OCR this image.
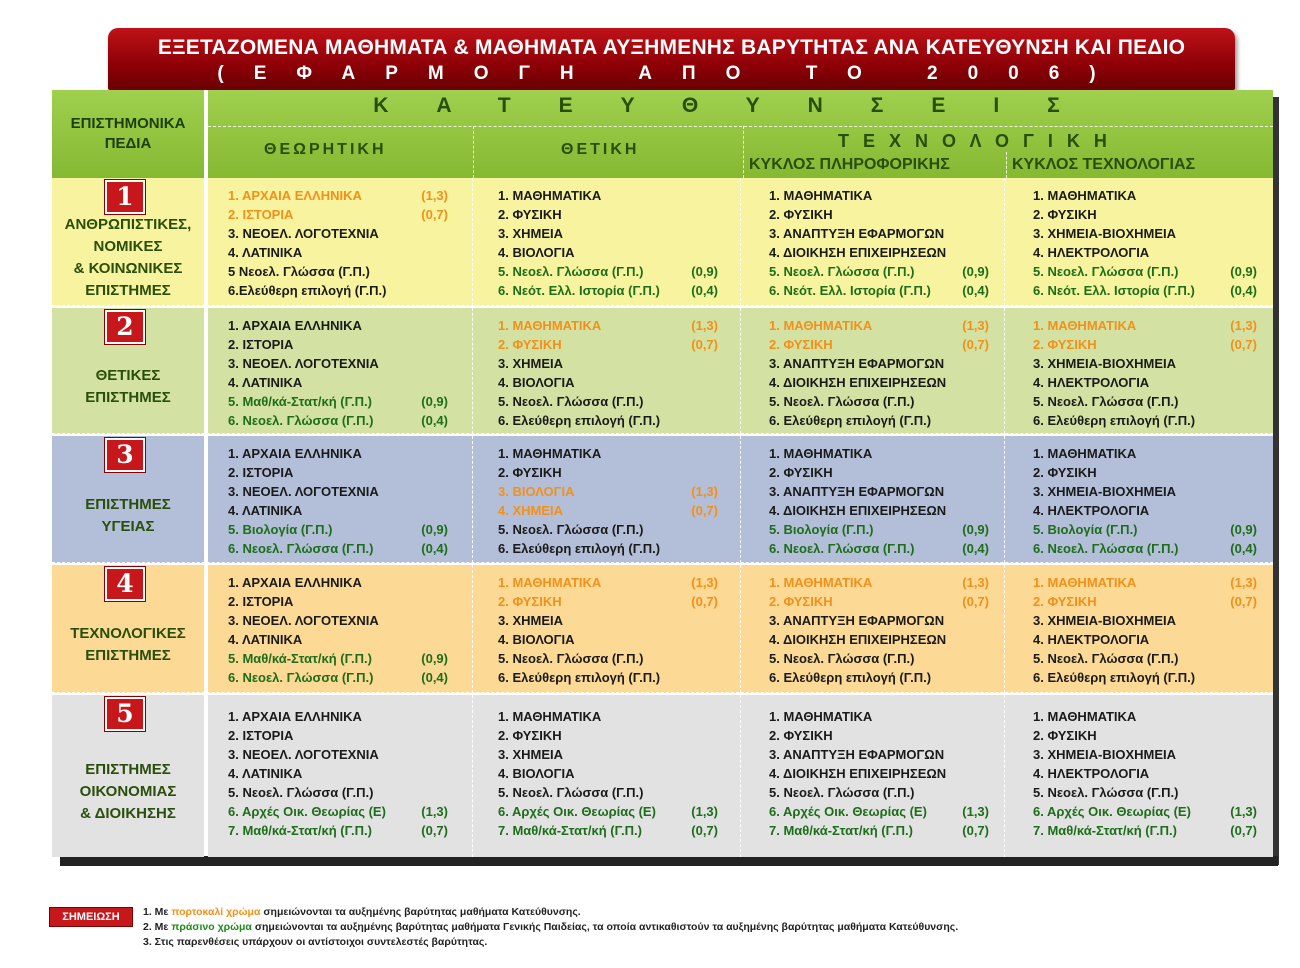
ΕΞΕΤΑΖΟΜΕΝΑ ΜΑΘΗΜΑΤΑ & ΜΑΘΗΜΑΤΑ ΑΥΞΗΜΕΝΗΣ ΒΑΡΥΤΗΤΑΣ ΑΝΑ ΚΑΤΕΥΘΥΝΣΗ ΚΑΙ ΠΕΔΙΟ
(ΕΦΑΡΜΟΓΗ ΑΠΟ ΤΟ 2006)
ΕΠΙΣΤΗΜΟΝΙΚΑ ΠΕΔΙΑ
ΚΑΤΕΥΘΥΝΣΕΙΣ
ΘΕΩΡΗΤΙΚΗ	ΘΕΤΙΚΗ	ΤΕΧΝΟΛΟΓΙΚΗ
ΚΥΚΛΟΣ ΠΛΗΡΟΦΟΡΙΚΗΣ	ΚΥΚΛΟΣ ΤΕΧΝΟΛΟΓΙΑΣ
1
ΑΝΘΡΩΠΙΣΤΙΚΕΣ,
ΝΟΜΙΚΕΣ
& ΚΟΙΝΩΝΙΚΕΣ
ΕΠΙΣΤΗΜΕΣ
1. ΑΡΧΑΙΑ ΕΛΛΗΝΙΚΑ	(1,3)
2. ΙΣΤΟΡΙΑ	(0,7)
3. ΝΕΟΕΛ. ΛΟΓΟΤΕΧΝΙΑ
4. ΛΑΤΙΝΙΚΑ
5 Νεοελ. Γλώσσα (Γ.Π.)
6.Ελεύθερη επιλογή (Γ.Π.)
1. ΜΑΘΗΜΑΤΙΚΑ
2. ΦΥΣΙΚΗ
3. ΧΗΜΕΙΑ
4. ΒΙΟΛΟΓΙΑ
5. Νεοελ. Γλώσσα (Γ.Π.)	(0,9)
6. Νεότ. Ελλ. Ιστορία (Γ.Π.) (0,4)
1. ΜΑΘΗΜΑΤΙΚΑ
2. ΦΥΣΙΚΗ
3. ΑΝΑΠΤΥΞΗ ΕΦΑΡΜΟΓΩΝ
4. ΔΙΟΙΚΗΣΗ ΕΠΙΧΕΙΡΗΣΕΩΝ
5. Νεοελ. Γλώσσα (Γ.Π.)	(0,9)
6. Νεότ. Ελλ. Ιστορία (Γ.Π.) (0,4)
1. ΜΑΘΗΜΑΤΙΚΑ
2. ΦΥΣΙΚΗ
3. ΧΗΜΕΙΑ-ΒΙΟΧΗΜΕΙΑ
4. ΗΛΕΚΤΡΟΛΟΓΙΑ
5. Νεοελ. Γλώσσα (Γ.Π.)	(0,9)
6. Νεότ. Ελλ. Ιστορία (Γ.Π.)	(0,4)
2
ΘΕΤΙΚΕΣ
ΕΠΙΣΤΗΜΕΣ
1. ΑΡΧΑΙΑ ΕΛΛΗΝΙΚΑ
2. ΙΣΤΟΡΙΑ
3. ΝΕΟΕΛ. ΛΟΓΟΤΕΧΝΙΑ
4. ΛΑΤΙΝΙΚΑ
5. Μαθ/κά-Στατ/κή (Γ.Π.)	(0,9)
6. Νεοελ. Γλώσσα (Γ.Π.)	(0,4)
1. ΜΑΘΗΜΑΤΙΚΑ	(1,3)
2. ΦΥΣΙΚΗ	(0,7)
3. ΧΗΜΕΙΑ
4. ΒΙΟΛΟΓΙΑ
5. Νεοελ. Γλώσσα (Γ.Π.)
6. Ελεύθερη επιλογή (Γ.Π.)
1. ΜΑΘΗΜΑΤΙΚΑ	(1,3)
2. ΦΥΣΙΚΗ	(0,7)
3. ΑΝΑΠΤΥΞΗ ΕΦΑΡΜΟΓΩΝ
4. ΔΙΟΙΚΗΣΗ ΕΠΙΧΕΙΡΗΣΕΩΝ
5. Νεοελ. Γλώσσα (Γ.Π.)
6. Ελεύθερη επιλογή (Γ.Π.)
1. ΜΑΘΗΜΑΤΙΚΑ	(1,3)
2. ΦΥΣΙΚΗ	(0,7)
3. ΧΗΜΕΙΑ-ΒΙΟΧΗΜΕΙΑ
4. ΗΛΕΚΤΡΟΛΟΓΙΑ
5. Νεοελ. Γλώσσα (Γ.Π.)
6. Ελεύθερη επιλογή (Γ.Π.)
3
ΕΠΙΣΤΗΜΕΣ
ΥΓΕΙΑΣ
1. ΑΡΧΑΙΑ ΕΛΛΗΝΙΚΑ
2. ΙΣΤΟΡΙΑ
3. ΝΕΟΕΛ. ΛΟΓΟΤΕΧΝΙΑ
4. ΛΑΤΙΝΙΚΑ
5. Βιολογία (Γ.Π.)	(0,9)
6. Νεοελ. Γλώσσα (Γ.Π.)	(0,4)
1. ΜΑΘΗΜΑΤΙΚΑ
2. ΦΥΣΙΚΗ
3. ΒΙΟΛΟΓΙΑ	(1,3)
4. ΧΗΜΕΙΑ	(0,7)
5. Νεοελ. Γλώσσα (Γ.Π.)
6. Ελεύθερη επιλογή (Γ.Π.)
1. ΜΑΘΗΜΑΤΙΚΑ
2. ΦΥΣΙΚΗ
3. ΑΝΑΠΤΥΞΗ ΕΦΑΡΜΟΓΩΝ
4. ΔΙΟΙΚΗΣΗ ΕΠΙΧΕΙΡΗΣΕΩΝ
5. Βιολογία (Γ.Π.)	(0,9)
6. Νεοελ. Γλώσσα (Γ.Π.)	(0,4)
1. ΜΑΘΗΜΑΤΙΚΑ
2. ΦΥΣΙΚΗ
3. ΧΗΜΕΙΑ-ΒΙΟΧΗΜΕΙΑ
4. ΗΛΕΚΤΡΟΛΟΓΙΑ
5. Βιολογία (Γ.Π.)	(0,9)
6. Νεοελ. Γλώσσα (Γ.Π.)	(0,4)
4
ΤΕΧΝΟΛΟΓΙΚΕΣ
ΕΠΙΣΤΗΜΕΣ
1. ΑΡΧΑΙΑ ΕΛΛΗΝΙΚΑ
2. ΙΣΤΟΡΙΑ
3. ΝΕΟΕΛ. ΛΟΓΟΤΕΧΝΙΑ
4. ΛΑΤΙΝΙΚΑ
5. Μαθ/κά-Στατ/κή (Γ.Π.)	(0,9)
6. Νεοελ. Γλώσσα (Γ.Π.)	(0,4)
1. ΜΑΘΗΜΑΤΙΚΑ	(1,3)
2. ΦΥΣΙΚΗ	(0,7)
3. ΧΗΜΕΙΑ
4. ΒΙΟΛΟΓΙΑ
5. Νεοελ. Γλώσσα (Γ.Π.)
6. Ελεύθερη επιλογή (Γ.Π.)
1. ΜΑΘΗΜΑΤΙΚΑ	(1,3)
2. ΦΥΣΙΚΗ	(0,7)
3. ΑΝΑΠΤΥΞΗ ΕΦΑΡΜΟΓΩΝ
4. ΔΙΟΙΚΗΣΗ ΕΠΙΧΕΙΡΗΣΕΩΝ
5. Νεοελ. Γλώσσα (Γ.Π.)
6. Ελεύθερη επιλογή (Γ.Π.)
1. ΜΑΘΗΜΑΤΙΚΑ	(1,3)
2. ΦΥΣΙΚΗ	(0,7)
3. ΧΗΜΕΙΑ-ΒΙΟΧΗΜΕΙΑ
4. ΗΛΕΚΤΡΟΛΟΓΙΑ
5. Νεοελ. Γλώσσα (Γ.Π.)
6. Ελεύθερη επιλογή (Γ.Π.)
5
ΕΠΙΣΤΗΜΕΣ
ΟΙΚΟΝΟΜΙΑΣ
& ΔΙΟΙΚΗΣΗΣ
1. ΑΡΧΑΙΑ ΕΛΛΗΝΙΚΑ
2. ΙΣΤΟΡΙΑ
3. ΝΕΟΕΛ. ΛΟΓΟΤΕΧΝΙΑ
4. ΛΑΤΙΝΙΚΑ
5. Νεοελ. Γλώσσα (Γ.Π.)
6. Αρχές Οικ. Θεωρίας (Ε)	(1,3)
7. Μαθ/κά-Στατ/κή (Γ.Π.)	(0,7)
1. ΜΑΘΗΜΑΤΙΚΑ
2. ΦΥΣΙΚΗ
3. ΧΗΜΕΙΑ
4. ΒΙΟΛΟΓΙΑ
5. Νεοελ. Γλώσσα (Γ.Π.)
6. Αρχές Οικ. Θεωρίας (Ε)	(1,3)
7. Μαθ/κά-Στατ/κή (Γ.Π.)	(0,7)
1. ΜΑΘΗΜΑΤΙΚΑ
2. ΦΥΣΙΚΗ
3. ΑΝΑΠΤΥΞΗ ΕΦΑΡΜΟΓΩΝ
4. ΔΙΟΙΚΗΣΗ ΕΠΙΧΕΙΡΗΣΕΩΝ
5. Νεοελ. Γλώσσα (Γ.Π.)
6. Αρχές Οικ. Θεωρίας (Ε)	(1,3)
7. Μαθ/κά-Στατ/κή (Γ.Π.)	(0,7)
1. ΜΑΘΗΜΑΤΙΚΑ
2. ΦΥΣΙΚΗ
3. ΧΗΜΕΙΑ-ΒΙΟΧΗΜΕΙΑ
4. ΗΛΕΚΤΡΟΛΟΓΙΑ
5. Νεοελ. Γλώσσα (Γ.Π.)
6. Αρχές Οικ. Θεωρίας (Ε)	(1,3)
7. Μαθ/κά-Στατ/κή (Γ.Π.)	(0,7)
ΣΗΜΕΙΩΣΗ	1. Με πορτοκαλί χρώμα σημειώνονται τα αυξημένης βαρύτητας μαθήματα Κατεύθυνσης.
2. Με πράσινο χρώμα σημειώνονται τα αυξημένης βαρύτητας μαθήματα Γενικής Παιδείας, τα οποία αντικαθιστούν τα αυξημένης βαρύτητας μαθήματα Κατεύθυνσης.
3. Στις παρενθέσεις υπάρχουν οι αντίστοιχοι συντελεστές βαρύτητας.
